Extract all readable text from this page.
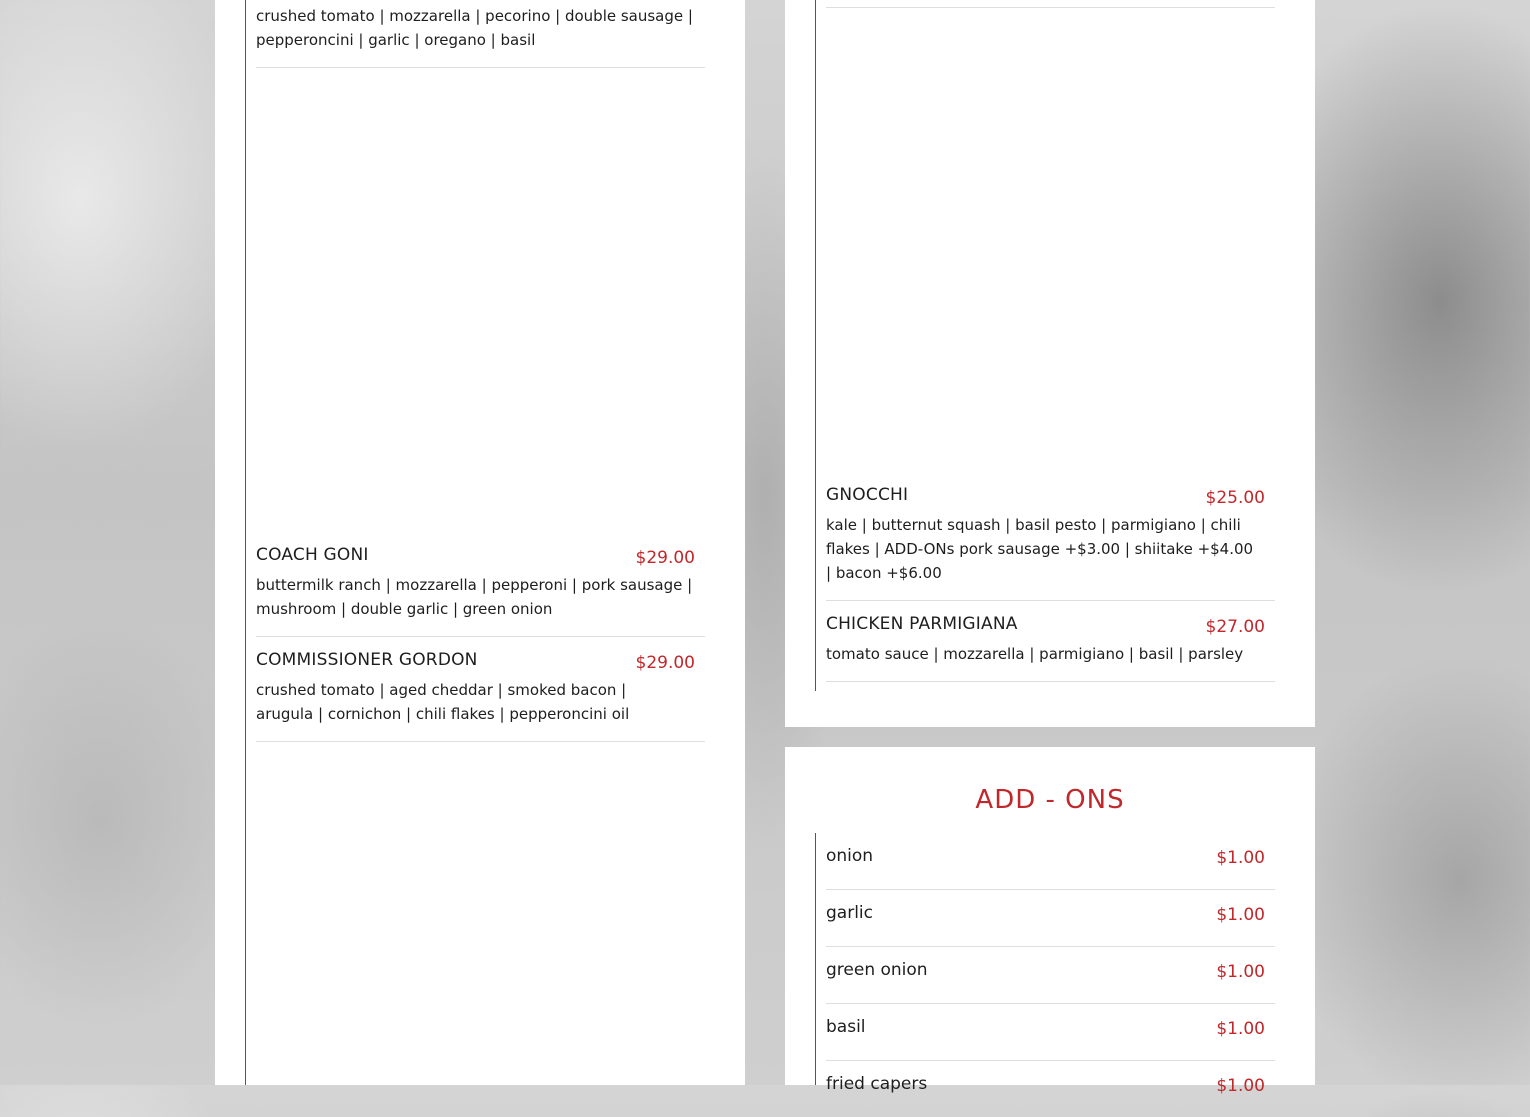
crushed tomato | mozzarella | pecorino | double sausage | pepperoncini | garlic | oregano | basil
COACH GONI	$29.00
buttermilk ranch | mozzarella | pepperoni | pork sausage | mushroom | double garlic | green onion
COMMISSIONER GORDON	$29.00
crushed tomato | aged cheddar | smoked bacon | arugula | cornichon | chili flakes | pepperoncini oil
GNOCCHI	$25.00
kale | butternut squash | basil pesto | parmigiano | chili flakes | ADD-ONs pork sausage +$3.00 | shiitake +$4.00 | bacon +$6.00
CHICKEN PARMIGIANA	$27.00
tomato sauce | mozzarella | parmigiano | basil | parsley
ADD - ONS
onion	$1.00
garlic	$1.00
green onion	$1.00
basil	$1.00
fried capers	$1.00
